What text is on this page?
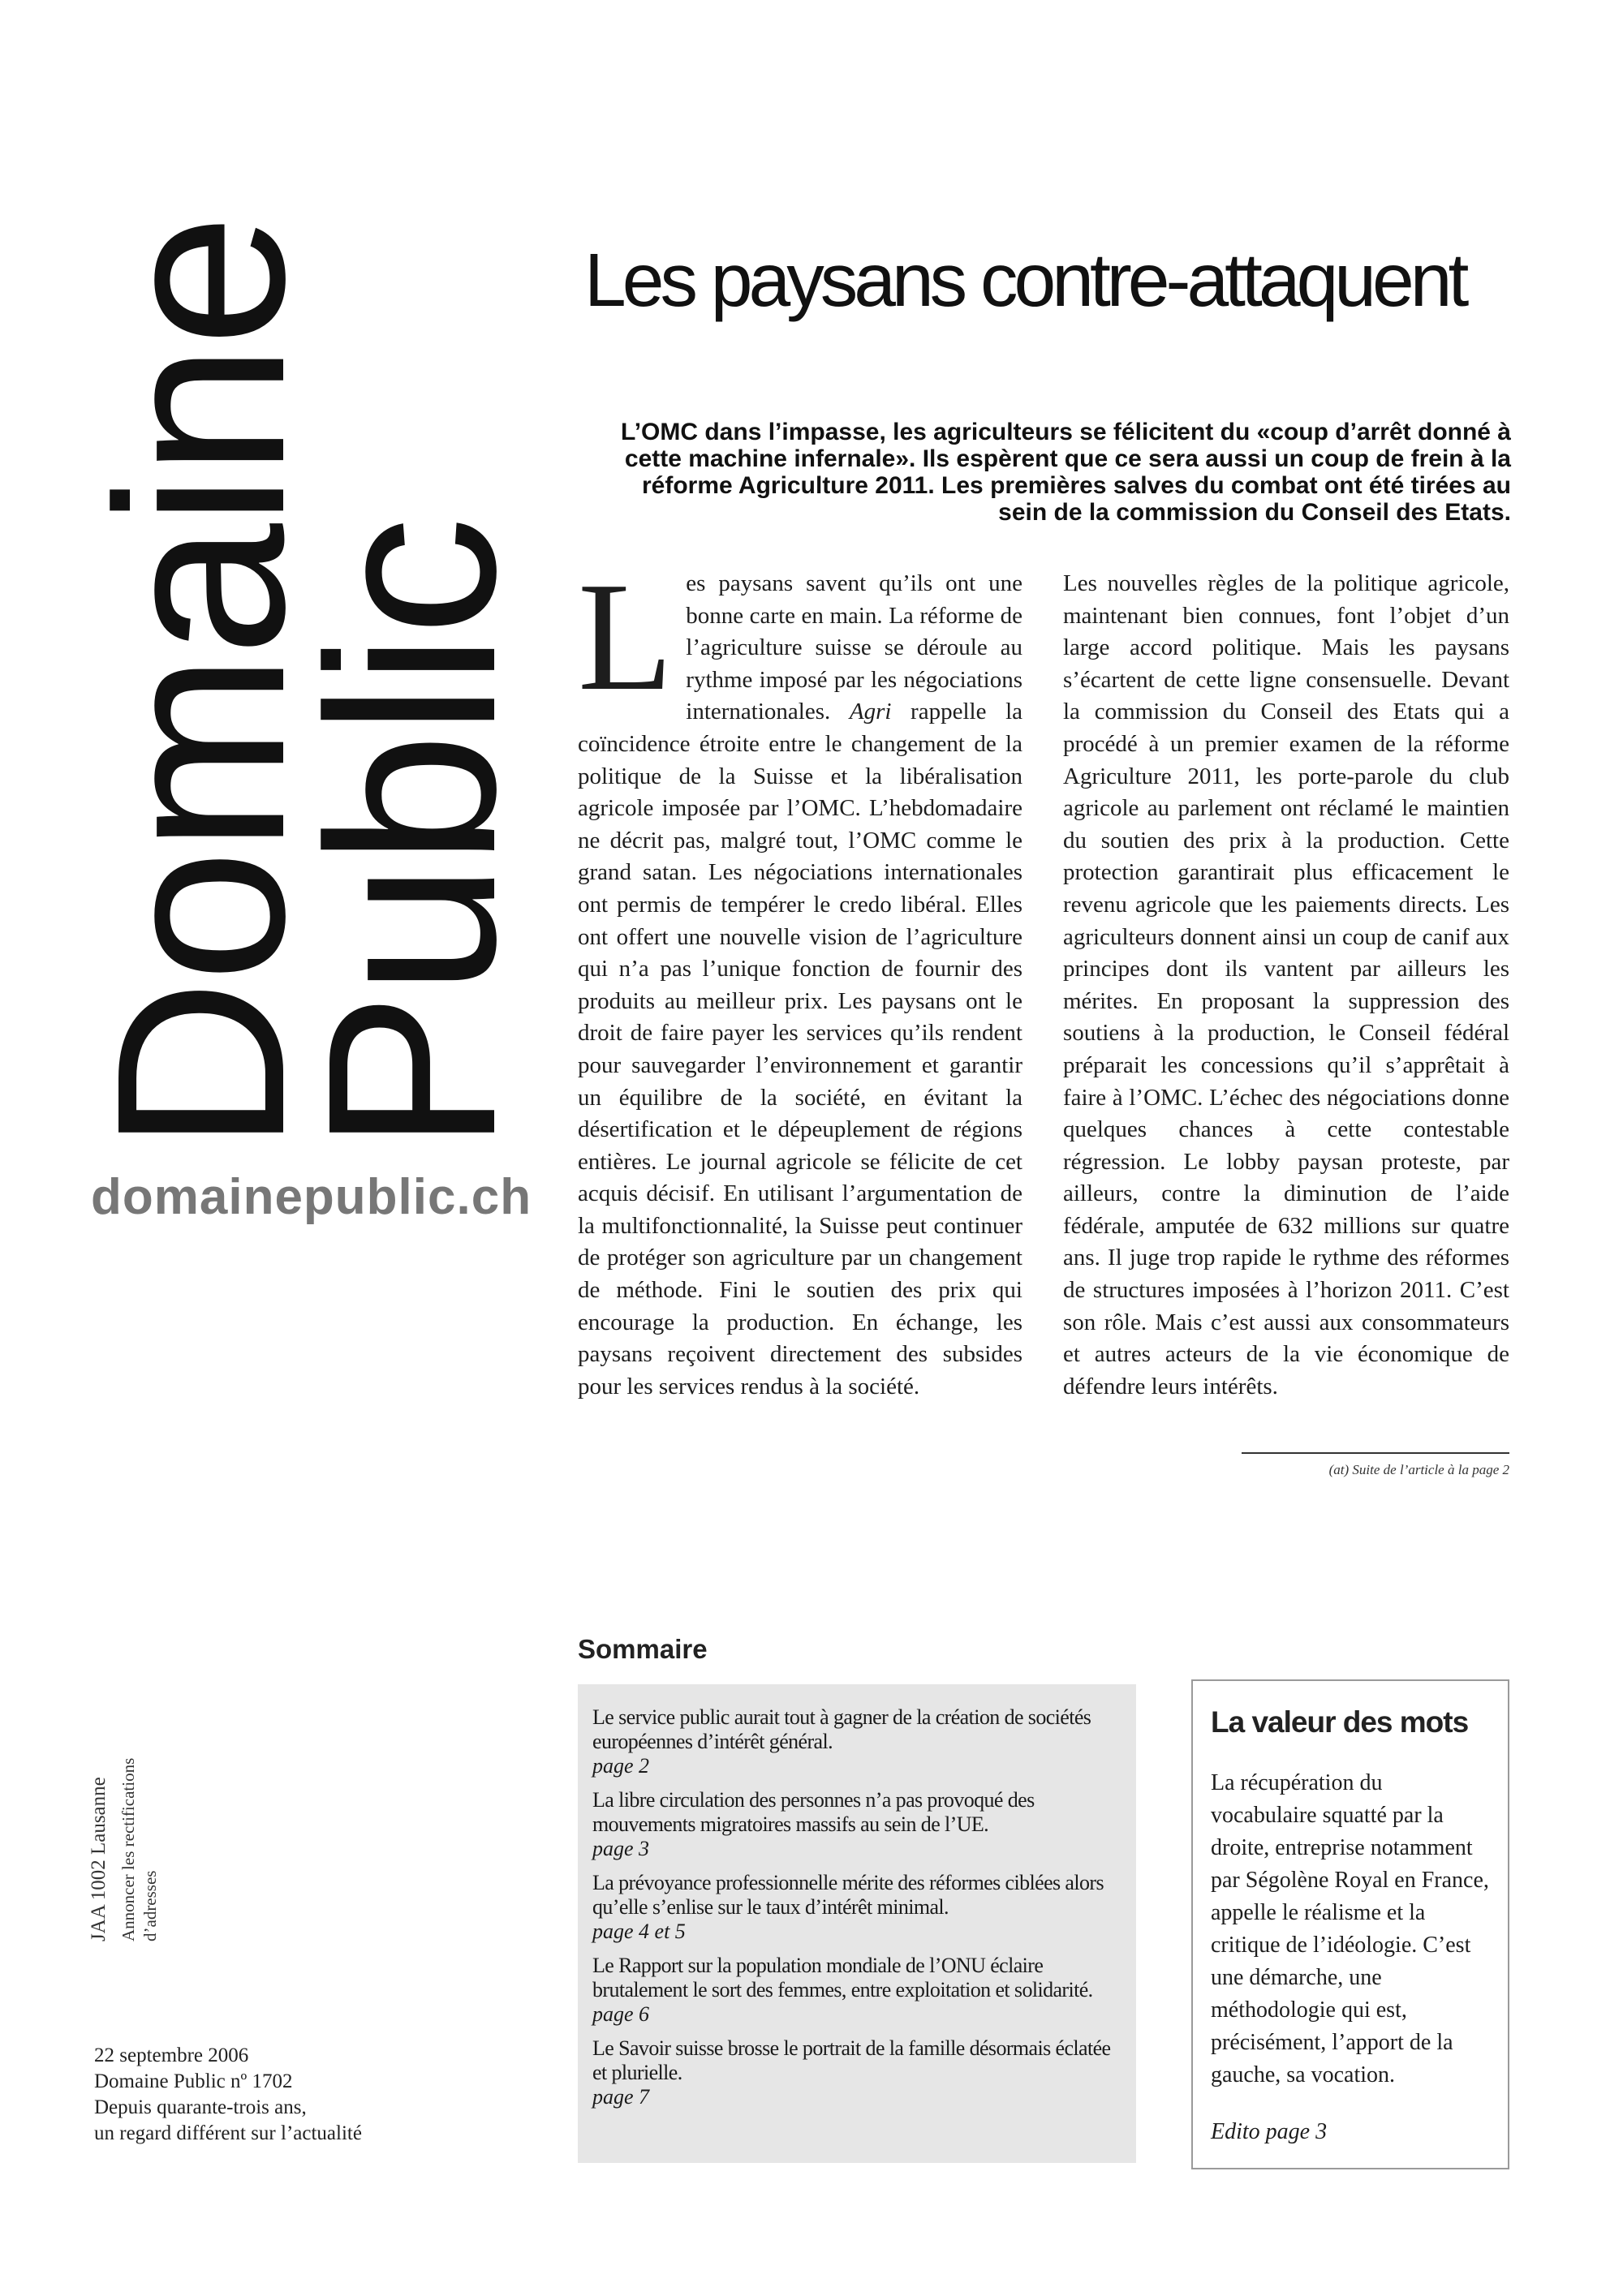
Domaine
Public
domainepublic.ch
Les paysans contre-attaquent
L’OMC dans l’impasse, les agriculteurs se félicitent du «coup d’arrêt donné à cette machine infernale». Ils espèrent que ce sera aussi un coup de frein à la réforme Agriculture 2011. Les premières salves du combat ont été tirées au sein de la commission du Conseil des Etats.
Les paysans savent qu’ils ont une bonne carte en main. La réforme de l’agriculture suisse se déroule au rythme imposé par les négociations internationales. Agri rappelle la coïncidence étroite entre le changement de la politique de la Suisse et la libéralisation agricole imposée par l’OMC. L’hebdomadaire ne décrit pas, malgré tout, l’OMC comme le grand satan. Les négociations internationales ont permis de tempérer le credo libéral. Elles ont offert une nouvelle vision de l’agriculture qui n’a pas l’unique fonction de fournir des produits au meilleur prix. Les paysans ont le droit de faire payer les services qu’ils rendent pour sauvegarder l’environnement et garantir un équilibre de la société, en évitant la désertification et le dépeuplement de régions entières. Le journal agricole se félicite de cet acquis décisif. En utilisant l’argumentation de la multifonctionnalité, la Suisse peut continuer de protéger son agriculture par un changement de méthode. Fini le soutien des prix qui encourage la production. En échange, les paysans reçoivent directement des subsides pour les services rendus à la société.
Les nouvelles règles de la politique agricole, maintenant bien connues, font l’objet d’un large accord politique. Mais les paysans s’écartent de cette ligne consensuelle. Devant la commission du Conseil des Etats qui a procédé à un premier examen de la réforme Agriculture 2011, les porte-parole du club agricole au parlement ont réclamé le maintien du soutien des prix à la production. Cette protection garantirait plus efficacement le revenu agricole que les paiements directs. Les agriculteurs donnent ainsi un coup de canif aux principes dont ils vantent par ailleurs les mérites. En proposant la suppression des soutiens à la production, le Conseil fédéral préparait les concessions qu’il s’apprêtait à faire à l’OMC. L’échec des négociations donne quelques chances à cette contestable régression. Le lobby paysan proteste, par ailleurs, contre la diminution de l’aide fédérale, amputée de 632 millions sur quatre ans. Il juge trop rapide le rythme des réformes de structures imposées à l’horizon 2011. C’est son rôle. Mais c’est aussi aux consommateurs et autres acteurs de la vie économique de défendre leurs intérêts.
(at) Suite de l’article à la page 2
Sommaire
Le service public aurait tout à gagner de la création de sociétés européennes d’intérêt général.
page 2
La libre circulation des personnes n’a pas provoqué des mouvements migratoires massifs au sein de l’UE.
page 3
La prévoyance professionnelle mérite des réformes ciblées alors qu’elle s’enlise sur le taux d’intérêt minimal.
page 4 et 5
Le Rapport sur la population mondiale de l’ONU éclaire brutalement le sort des femmes, entre exploitation et solidarité.
page 6
Le Savoir suisse brosse le portrait de la famille désormais éclatée et plurielle.
page 7
La valeur des mots
La récupération du vocabulaire squatté par la droite, entreprise notamment par Ségolène Royal en France, appelle le réalisme et la critique de l’idéologie. C’est une démarche, une méthodologie qui est, précisément, l’apport de la gauche, sa vocation.
Edito page 3
JAA 1002 Lausanne Annoncer les rectifications d’adresses
22 septembre 2006
Domaine Public nº 1702
Depuis quarante-trois ans,
un regard différent sur l’actualité
